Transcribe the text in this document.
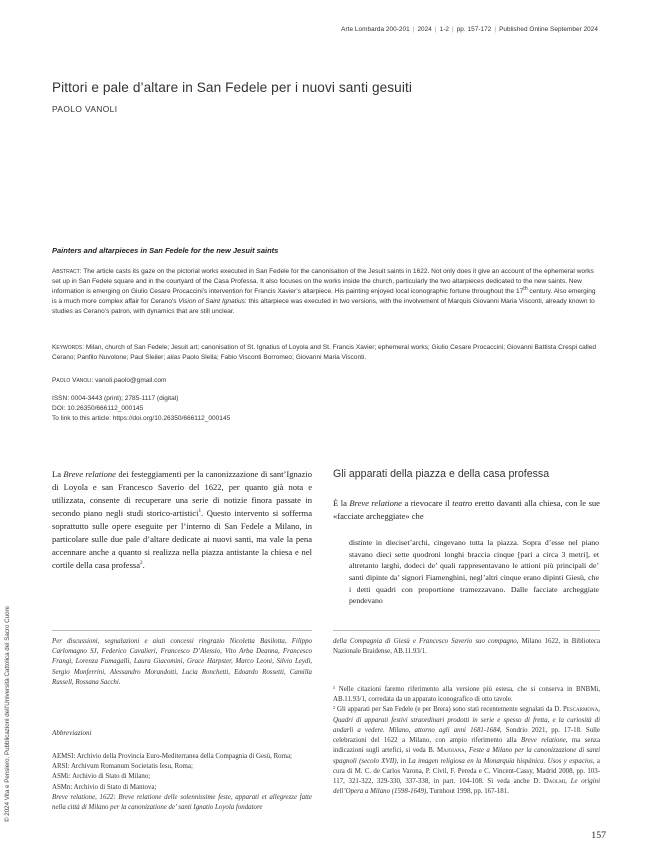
Arte Lombarda 200-201 | 2024 | 1-2 | pp. 157-172 | Published Online September 2024
Pittori e pale d’altare in San Fedele per i nuovi santi gesuiti
PAOLO VANOLI
Painters and altarpieces in San Fedele for the new Jesuit saints
Abstract: The article casts its gaze on the pictorial works executed in San Fedele for the canonisation of the Jesuit saints in 1622. Not only does it give an account of the ephemeral works set up in San Fedele square and in the courtyard of the Casa Professa. It also focuses on the works inside the church, particularly the two altarpieces dedicated to the new saints. New information is emerging on Giulio Cesare Procaccini’s intervention for Francis Xavier’s altarpiece. His painting enjoyed local iconographic fortune throughout the 17th century. Also emerging is a much more complex affair for Cerano’s Vision of Saint Ignatius: this altarpiece was executed in two versions, with the involvement of Marquis Giovanni Maria Visconti, already known to studies as Cerano’s patron, with dynamics that are still unclear.
Keywords: Milan, church of San Fedele; Jesuit art; canonisation of St. Ignatius of Loyola and St. Francis Xavier; ephemeral works; Giulio Cesare Procaccini; Giovanni Battista Crespi called Cerano; Panfilo Nuvolone; Paul Sleiler; alias Paolo Slella; Fabio Visconti Borromeo; Giovanni Maria Visconti.
Paolo Vanoli: vanoli.paolo@gmail.com
ISSN: 0004-3443 (print); 2785-1117 (digital)
DOI: 10.26350/666112_000145
To link to this article: https://doi.org/10.26350/666112_000145
© 2024 Vita e Pensiero, Pubblicazioni dell’Università Cattolica del Sacro Cuore
La Breve relatione dei festeggiamenti per la canonizzazione di sant’Ignazio di Loyola e san Francesco Saverio del 1622, per quanto già nota e utilizzata, consente di recuperare una serie di notizie finora passate in secondo piano negli studi storico-artistici$^1$. Questo intervento si sofferma soprattutto sulle opere eseguite per l’interno di San Fedele a Milano, in particolare sulle due pale d’altare dedicate ai nuovi santi, ma vale la pena accennare anche a quanto si realizza nella piazza antistante la chiesa e nel cortile della casa professa$^2$.
Gli apparati della piazza e della casa professa
È la Breve relatione a rievocare il teatro eretto davanti alla chiesa, con le sue «facciate archeggiate» che
distinte in dieciset’archi, cingevano tutta la piazza. Sopra d’esse nel piano stavano dieci sette quodroni longhi braccia cinque [pari a circa 3 metri], et altretanto larghi, dodeci de’ quali rappresentavano le attioni più principali de’ santi dipinte da’ signori Fiamenghini, negl’altri cinque erano dipinti Giesù, che i detti quadri con proportione tramezzavano. Dalle facciate archeggiate pendevano
Per discussioni, segnalazioni e aiuti concessi ringrazio Nicoletta Basilotta, Filippo Carlomagno SJ, Federico Cavalieri, Francesco D’Alessio, Vito Arba Deanna, Francesco Frangi, Lorenza Fumagalli, Laura Giacomini, Grace Harpster, Marco Leoni, Silvio Leydi, Sergio Monferrini, Alessandro Morandotti, Lucia Ronchetti, Edoardo Rossetti, Camilla Russell, Rossana Sacchi.
Abbreviazioni
AEMSI: Archivio della Provincia Euro-Mediterranea della Compagnia di Gesù, Roma;
ARSI: Archivum Romanum Societatis Iesu, Roma;
ASMi: Archivio di Stato di Milano;
ASMn: Archivio di Stato di Mantova;
Breve relatione, 1622: Breve relatione delle solennissime feste, apparati et allegrezze fatte nella città di Milano per la canonizatione de’ santi Ignatio Loyola fondatore
della Compagnia di Giesù e Francesco Saverio suo compagno, Milano 1622, in Biblioteca Nazionale Braidense, AB.11.93/1.

¹ Nelle citazioni faremo riferimento alla versione più estesa, che si conserva in BNBMi, AB.11.93/1, corredata da un apparato iconografico di otto tavole.

² Gli apparati per San Fedele (e per Brera) sono stati recentemente segnalati da D. Pescarmona, Quadri di apparati festivi straordinari prodotti in serie e spesso di fretta, e la curiosità di andarli a vedere. Milano, attorno agli anni 1681-1684, Sondrio 2021, pp. 17-18. Sulle celebrazioni del 1622 a Milano, con ampio riferimento alla Breve relatione, ma senza indicazioni sugli artefici, si veda B. Majoiana, Feste a Milano per la canonizzazione di santi spagnoli (secolo XVII), in La imagen religiosa en la Monarquía hispánica. Usos y espacios, a cura di M. C. de Carlos Varona, P. Civil, F. Pereda e C. Vincent-Cassy, Madrid 2008, pp. 103-117, 321-322, 329-330, 337-338, in part. 104-108. Si veda anche D. Daolmi, Le origini dell’Opera a Milano (1598-1649), Turnhout 1998, pp. 167-181.

157
